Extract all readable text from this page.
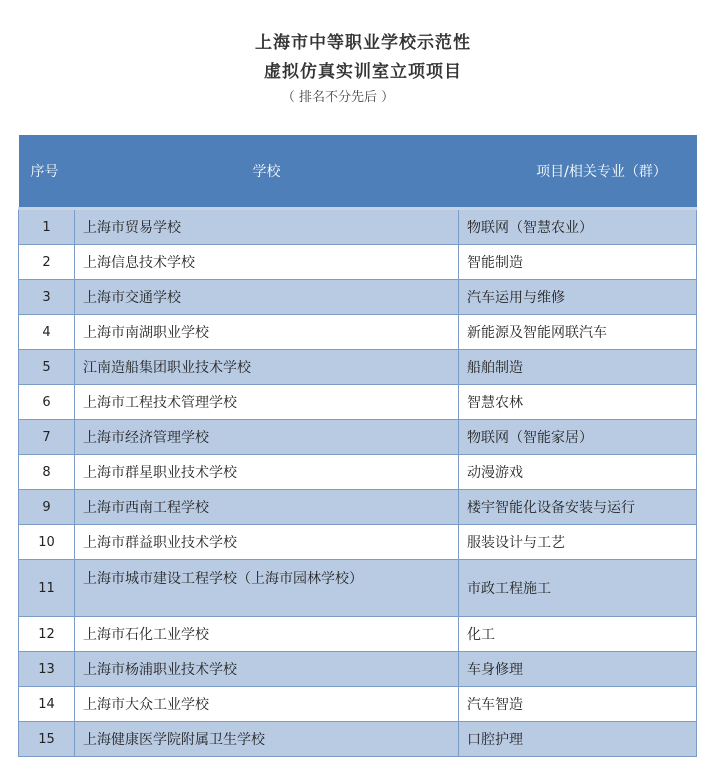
上海市中等职业学校示范性
虚拟仿真实训室立项项目
（ 排名不分先后 ）
序号	学校	项目/相关专业（群）
1	上海市贸易学校	物联网（智慧农业）
2	上海信息技术学校	智能制造
3	上海市交通学校	汽车运用与维修
4	上海市南湖职业学校	新能源及智能网联汽车
5	江南造船集团职业技术学校	船舶制造
6	上海市工程技术管理学校	智慧农林
7	上海市经济管理学校	物联网（智能家居）
8	上海市群星职业技术学校	动漫游戏
9	上海市西南工程学校	楼宇智能化设备安装与运行
10	上海市群益职业技术学校	服装设计与工艺
11	上海市城市建设工程学校（上海市园林学校）	市政工程施工
12	上海市石化工业学校	化工
13	上海市杨浦职业技术学校	车身修理
14	上海市大众工业学校	汽车智造
15	上海健康医学院附属卫生学校	口腔护理
